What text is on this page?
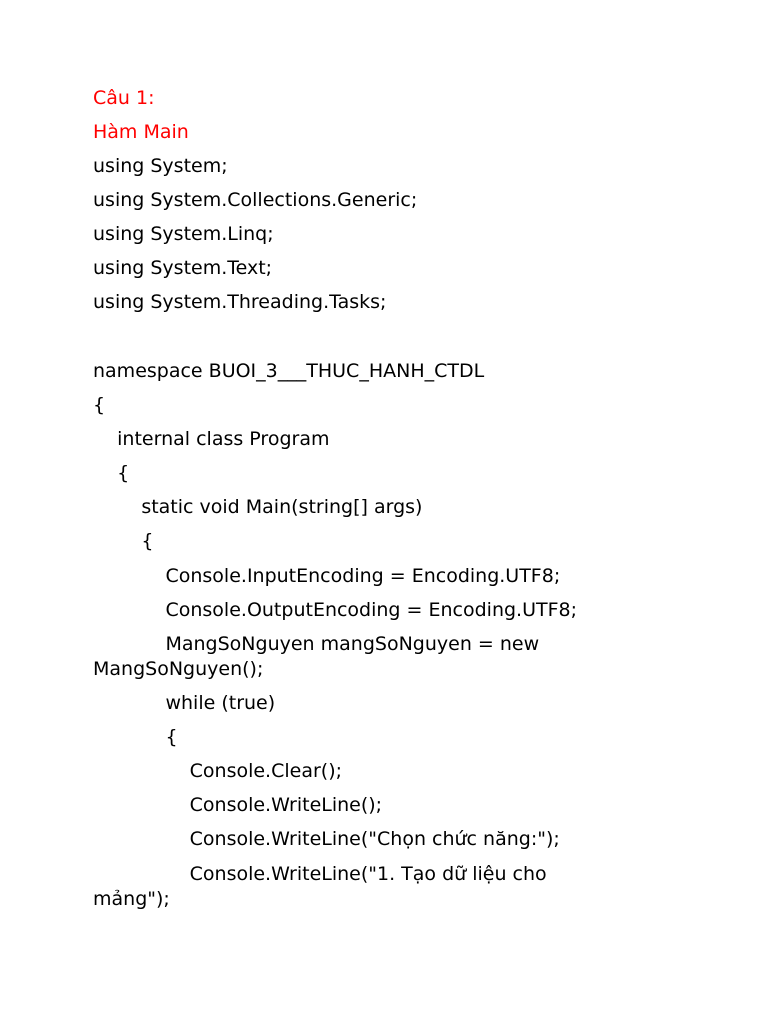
Câu 1:
Hàm Main
using System;
using System.Collections.Generic;
using System.Linq;
using System.Text;
using System.Threading.Tasks;
namespace BUOI_3___THUC_HANH_CTDL
{
internal class Program
{
static void Main(string[] args)
{
Console.InputEncoding = Encoding.UTF8;
Console.OutputEncoding = Encoding.UTF8;
MangSoNguyen mangSoNguyen = new
MangSoNguyen();
while (true)
{
Console.Clear();
Console.WriteLine();
Console.WriteLine("Chọn chức năng:");
Console.WriteLine("1. Tạo dữ liệu cho
mảng");
